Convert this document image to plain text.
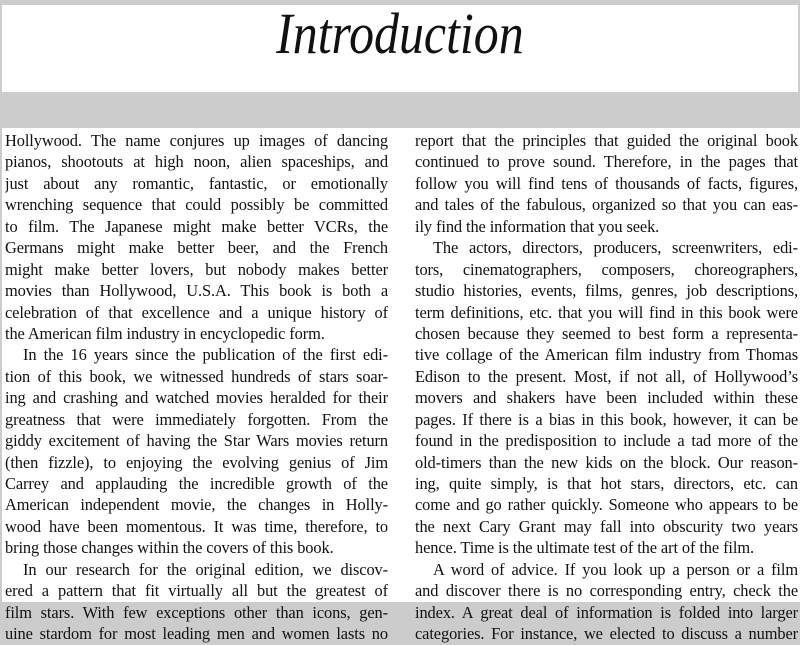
Introduction
Hollywood. The name conjures up images of dancing
pianos, shootouts at high noon, alien spaceships, and
just about any romantic, fantastic, or emotionally
wrenching sequence that could possibly be committed
to film. The Japanese might make better VCRs, the
Germans might make better beer, and the French
might make better lovers, but nobody makes better
movies than Hollywood, U.S.A. This book is both a
celebration of that excellence and a unique history of
the American film industry in encyclopedic form.
In the 16 years since the publication of the first edi-
tion of this book, we witnessed hundreds of stars soar-
ing and crashing and watched movies heralded for their
greatness that were immediately forgotten. From the
giddy excitement of having the Star Wars movies return
(then fizzle), to enjoying the evolving genius of Jim
Carrey and applauding the incredible growth of the
American independent movie, the changes in Holly-
wood have been momentous. It was time, therefore, to
bring those changes within the covers of this book.
In our research for the original edition, we discov-
ered a pattern that fit virtually all but the greatest of
film stars. With few exceptions other than icons, gen-
uine stardom for most leading men and women lasts no
report that the principles that guided the original book
continued to prove sound. Therefore, in the pages that
follow you will find tens of thousands of facts, figures,
and tales of the fabulous, organized so that you can eas-
ily find the information that you seek.
The actors, directors, producers, screenwriters, edi-
tors, cinematographers, composers, choreographers,
studio histories, events, films, genres, job descriptions,
term definitions, etc. that you will find in this book were
chosen because they seemed to best form a representa-
tive collage of the American film industry from Thomas
Edison to the present. Most, if not all, of Hollywood’s
movers and shakers have been included within these
pages. If there is a bias in this book, however, it can be
found in the predisposition to include a tad more of the
old-timers than the new kids on the block. Our reason-
ing, quite simply, is that hot stars, directors, etc. can
come and go rather quickly. Someone who appears to be
the next Cary Grant may fall into obscurity two years
hence. Time is the ultimate test of the art of the film.
A word of advice. If you look up a person or a film
and discover there is no corresponding entry, check the
index. A great deal of information is folded into larger
categories. For instance, we elected to discuss a number
